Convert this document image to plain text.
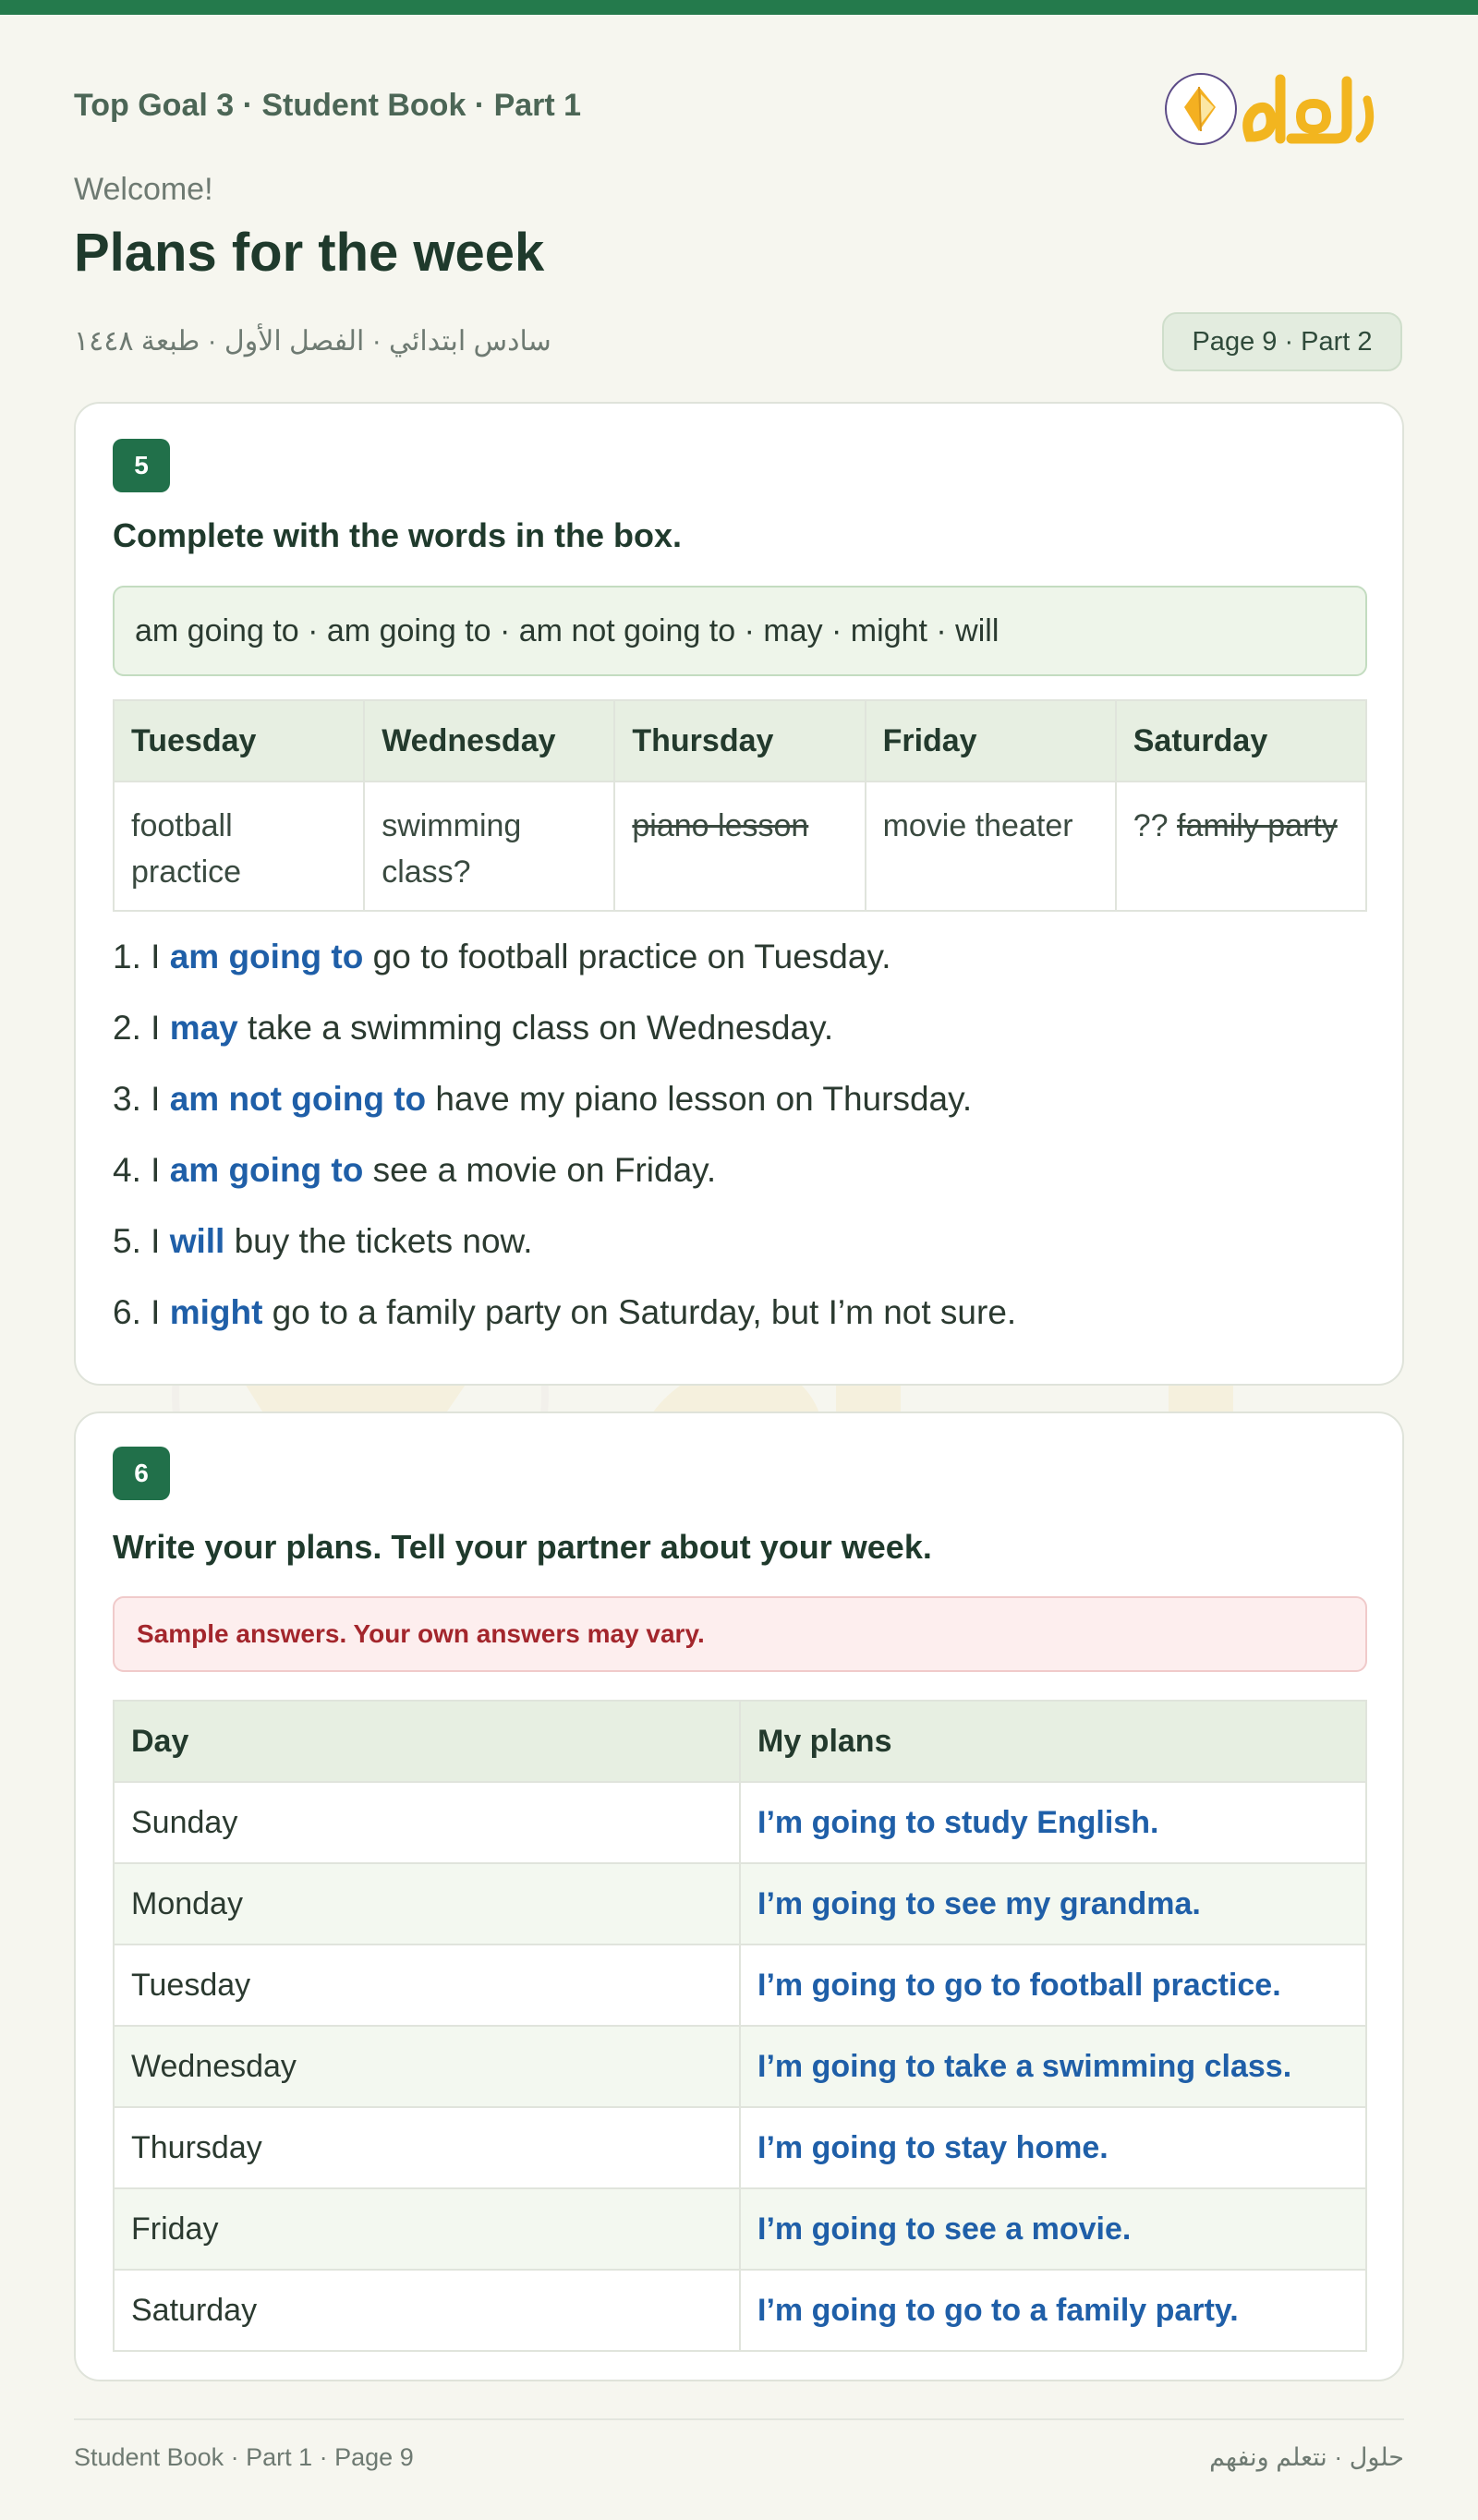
Top Goal 3 · Student Book · Part 1
Welcome!
Plans for the week
سادس ابتدائي · الفصل الأول · طبعة ١٤٤٨	Page 9 · Part 2
5
Complete with the words in the box.
am going to · am going to · am not going to · may · might · will
Tuesday	Wednesday	Thursday	Friday	Saturday
football practice	swimming class?	piano lesson	movie theater	?? family party
1. I am going to go to football practice on Tuesday.
2. I may take a swimming class on Wednesday.
3. I am not going to have my piano lesson on Thursday.
4. I am going to see a movie on Friday.
5. I will buy the tickets now.
6. I might go to a family party on Saturday, but I’m not sure.
6
Write your plans. Tell your partner about your week.
Sample answers. Your own answers may vary.
Day	My plans
Sunday	I’m going to study English.
Monday	I’m going to see my grandma.
Tuesday	I’m going to go to football practice.
Wednesday	I’m going to take a swimming class.
Thursday	I’m going to stay home.
Friday	I’m going to see a movie.
Saturday	I’m going to go to a family party.
Student Book · Part 1 · Page 9	حلول · نتعلم ونفهم
